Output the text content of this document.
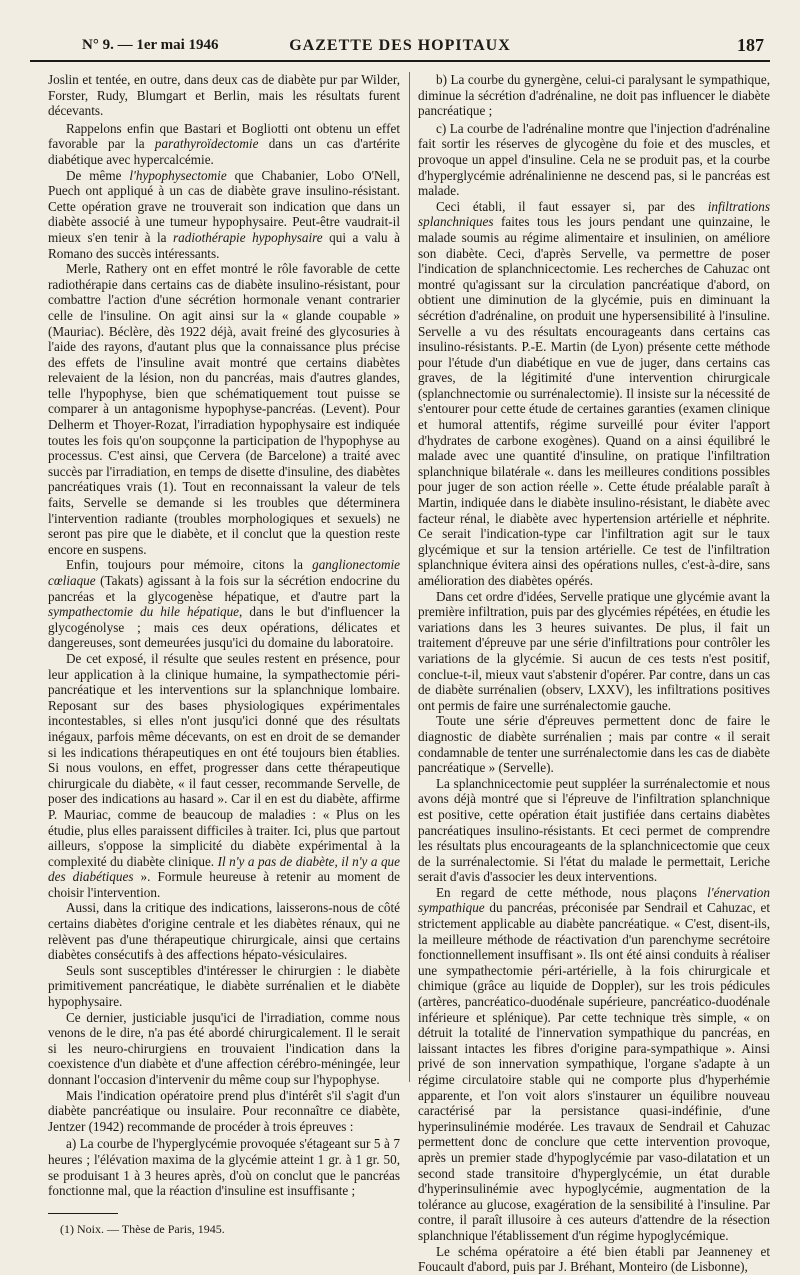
N° 9. — 1er mai 1946	GAZETTE DES HOPITAUX	187

Joslin et tentée, en outre, dans deux cas de diabète pur par Wilder, Forster, Rudy, Blumgart et Berlin, mais les résultats furent décevants.

Rappelons enfin que Bastari et Bogliotti ont obtenu un effet favorable par la parathyroïdectomie dans un cas d'artérite diabétique avec hypercalcémie.

De même l'hypophysectomie que Chabanier, Lobo O'Nell, Puech ont appliqué à un cas de diabète grave insulino-résistant. Cette opération grave ne trouverait son indication que dans un diabète associé à une tumeur hypophysaire. Peut-être vaudrait-il mieux s'en tenir à la radiothérapie hypophysaire qui a valu à Romano des succès intéressants.

Merle, Rathery ont en effet montré le rôle favorable de cette radiothérapie dans certains cas de diabète insulino-résistant, pour combattre l'action d'une sécrétion hormonale venant contrarier celle de l'insuline. On agit ainsi sur la « glande coupable » (Mauriac). Béclère, dès 1922 déjà, avait freiné des glycosuries à l'aide des rayons, d'autant plus que la connaissance plus précise des effets de l'insuline avait montré que certains diabètes relevaient de la lésion, non du pancréas, mais d'autres glandes, telle l'hypophyse, bien que schématiquement tout puisse se comparer à un antagonisme hypophyse-pancréas. (Levent). Pour Delherm et Thoyer-Rozat, l'irradiation hypophysaire est indiquée toutes les fois qu'on soupçonne la participation de l'hypophyse au processus. C'est ainsi, que Cervera (de Barcelone) a traité avec succès par l'irradiation, en temps de disette d'insuline, des diabètes pancréatiques vrais (1). Tout en reconnaissant la valeur de tels faits, Servelle se demande si les troubles que déterminera l'intervention radiante (troubles morphologiques et sexuels) ne seront pas pire que le diabète, et il conclut que la question reste encore en suspens.

Enfin, toujours pour mémoire, citons la ganglionectomie cœliaque (Takats) agissant à la fois sur la sécrétion endocrine du pancréas et la glycogenèse hépatique, et d'autre part la sympathectomie du hile hépatique, dans le but d'influencer la glycogénolyse ; mais ces deux opérations, délicates et dangereuses, sont demeurées jusqu'ici du domaine du laboratoire.

De cet exposé, il résulte que seules restent en présence, pour leur application à la clinique humaine, la sympathectomie péri-pancréatique et les interventions sur la splanchnique lombaire. Reposant sur des bases physiologiques expérimentales incontestables, si elles n'ont jusqu'ici donné que des résultats inégaux, parfois même décevants, on est en droit de se demander si les indications thérapeutiques en ont été toujours bien établies. Si nous voulons, en effet, progresser dans cette thérapeutique chirurgicale du diabète, « il faut cesser, recommande Servelle, de poser des indications au hasard ». Car il en est du diabète, affirme P. Mauriac, comme de beaucoup de maladies : « Plus on les étudie, plus elles paraissent difficiles à traiter. Ici, plus que partout ailleurs, s'oppose la simplicité du diabète expérimental à la complexité du diabète clinique. Il n'y a pas de diabète, il n'y a que des diabétiques ». Formule heureuse à retenir au moment de choisir l'intervention.

Aussi, dans la critique des indications, laisserons-nous de côté certains diabètes d'origine centrale et les diabètes rénaux, qui ne relèvent pas d'une thérapeutique chirurgicale, ainsi que certains diabètes consécutifs à des affections hépato-vésiculaires.

Seuls sont susceptibles d'intéresser le chirurgien : le diabète primitivement pancréatique, le diabète surrénalien et le diabète hypophysaire.

Ce dernier, justiciable jusqu'ici de l'irradiation, comme nous venons de le dire, n'a pas été abordé chirurgicalement. Il le serait si les neuro-chirurgiens en trouvaient l'indication dans la coexistence d'un diabète et d'une affection cérébro-méningée, leur donnant l'occasion d'intervenir du même coup sur l'hypophyse.

Mais l'indication opératoire prend plus d'intérêt s'il s'agit d'un diabète pancréatique ou insulaire. Pour reconnaître ce diabète, Jentzer (1942) recommande de procéder à trois épreuves :

a) La courbe de l'hyperglycémie provoquée s'étageant sur 5 à 7 heures ; l'élévation maxima de la glycémie atteint 1 gr. à 1 gr. 50, se produisant 1 à 3 heures après, d'où on conclut que le pancréas fonctionne mal, que la réaction d'insuline est insuffisante ;

(1) Noix. — Thèse de Paris, 1945.

b) La courbe du gynergène, celui-ci paralysant le sympathique, diminue la sécrétion d'adrénaline, ne doit pas influencer le diabète pancréatique ;

c) La courbe de l'adrénaline montre que l'injection d'adrénaline fait sortir les réserves de glycogène du foie et des muscles, et provoque un appel d'insuline. Cela ne se produit pas, et la courbe d'hyperglycémie adrénalinienne ne descend pas, si le pancréas est malade.

Ceci établi, il faut essayer si, par des infiltrations splanchniques faites tous les jours pendant une quinzaine, le malade soumis au régime alimentaire et insulinien, on améliore son diabète. Ceci, d'après Servelle, va permettre de poser l'indication de splanchnicectomie. Les recherches de Cahuzac ont montré qu'agissant sur la circulation pancréatique d'abord, on obtient une diminution de la glycémie, puis en diminuant la sécrétion d'adrénaline, on produit une hypersensibilité à l'insuline. Servelle a vu des résultats encourageants dans certains cas insulino-résistants. P.-E. Martin (de Lyon) présente cette méthode pour l'étude d'un diabétique en vue de juger, dans certains cas graves, de la légitimité d'une intervention chirurgicale (splanchnectomie ou surrénalectomie). Il insiste sur la nécessité de s'entourer pour cette étude de certaines garanties (examen clinique et humoral attentifs, régime surveillé pour éviter l'apport d'hydrates de carbone exogènes). Quand on a ainsi équilibré le malade avec une quantité d'insuline, on pratique l'infiltration splanchnique bilatérale «. dans les meilleures conditions possibles pour juger de son action réelle ». Cette étude préalable paraît à Martin, indiquée dans le diabète insulino-résistant, le diabète avec facteur rénal, le diabète avec hypertension artérielle et néphrite. Ce serait l'indication-type car l'infiltration agit sur le taux glycémique et sur la tension artérielle. Ce test de l'infiltration splanchnique évitera ainsi des opérations nulles, c'est-à-dire, sans amélioration des diabètes opérés.

Dans cet ordre d'idées, Servelle pratique une glycémie avant la première infiltration, puis par des glycémies répétées, en étudie les variations dans les 3 heures suivantes. De plus, il fait un traitement d'épreuve par une série d'infiltrations pour contrôler les variations de la glycémie. Si aucun de ces tests n'est positif, conclue-t-il, mieux vaut s'abstenir d'opérer. Par contre, dans un cas de diabète surrénalien (observ, LXXV), les infiltrations positives ont permis de faire une surrénalectomie gauche.

Toute une série d'épreuves permettent donc de faire le diagnostic de diabète surrénalien ; mais par contre « il serait condamnable de tenter une surrénalectomie dans les cas de diabète pancréatique » (Servelle).

La splanchnicectomie peut suppléer la surrénalectomie et nous avons déjà montré que si l'épreuve de l'infiltration splanchnique est positive, cette opération était justifiée dans certains diabètes pancréatiques insulino-résistants. Et ceci permet de comprendre les résultats plus encourageants de la splanchnicectomie que ceux de la surrénalectomie. Si l'état du malade le permettait, Leriche serait d'avis d'associer les deux interventions.

En regard de cette méthode, nous plaçons l'énervation sympathique du pancréas, préconisée par Sendrail et Cahuzac, et strictement applicable au diabète pancréatique. « C'est, disent-ils, la meilleure méthode de réactivation d'un parenchyme secrétoire fonctionnellement insuffisant ». Ils ont été ainsi conduits à réaliser une sympathectomie péri-artérielle, à la fois chirurgicale et chimique (grâce au liquide de Doppler), sur les trois pédicules (artères, pancréatico-duodénale supérieure, pancréatico-duodénale inférieure et splénique). Par cette technique très simple, « on détruit la totalité de l'innervation sympathique du pancréas, en laissant intactes les fibres d'origine para-sympathique ». Ainsi privé de son innervation sympathique, l'organe s'adapte à un régime circulatoire stable qui ne comporte plus d'hyperhémie apparente, et l'on voit alors s'instaurer un équilibre nouveau caractérisé par la persistance quasi-indéfinie, d'une hyperinsulinémie modérée. Les travaux de Sendrail et Cahuzac permettent donc de conclure que cette intervention provoque, après un premier stade d'hypoglycémie par vaso-dilatation et un second stade transitoire d'hyperglycémie, un état durable d'hyperinsulinémie avec hypoglycémie, augmentation de la tolérance au glucose, exagération de la sensibilité à l'insuline. Par contre, il paraît illusoire à ces auteurs d'attendre de la résection splanchnique l'établissement d'un régime hypoglycémique.

Le schéma opératoire a été bien établi par Jeanneney et Foucault d'abord, puis par J. Bréhant, Monteiro (de Lisbonne),
